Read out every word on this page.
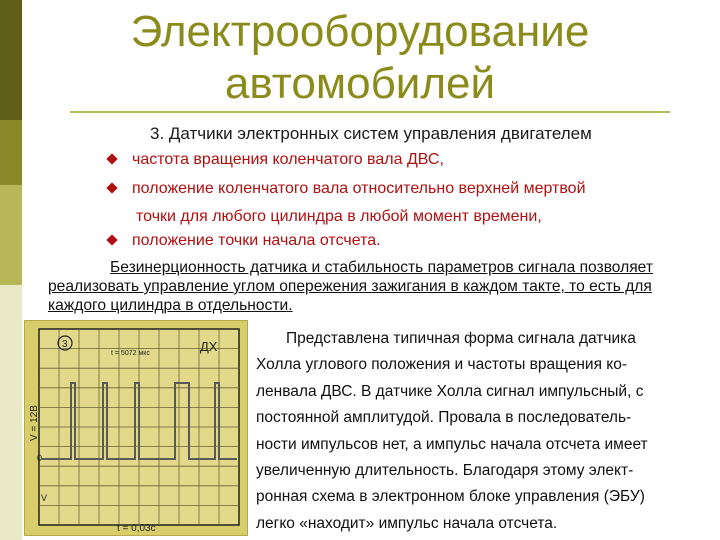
Электрооборудование автомобилей
3. Датчики электронных систем управления двигателем
частота вращения коленчатого вала ДВС,
положение коленчатого вала относительно верхней мертвой
точки для любого цилиндра в любой момент времени,
положение точки начала отсчета.
Безинерционность датчика и стабильность параметров сигнала позволяет реализовать управление углом опережения зажигания в каждом такте, то есть для каждого цилиндра в отдельности.
3
t = 5072 мкс	ДХ
0
V
V = 12В
t = 0,03с
Представлена типичная форма сигнала датчика
Холла углового положения и частоты вращения ко-
ленвала ДВС. В датчике Холла сигнал импульсный, с
постоянной амплитудой. Провала в последователь-
ности импульсов нет, а импульс начала отсчета имеет
увеличенную длительность. Благодаря этому элект-
ронная схема в электронном блоке управления (ЭБУ)
легко «находит» импульс начала отсчета.
